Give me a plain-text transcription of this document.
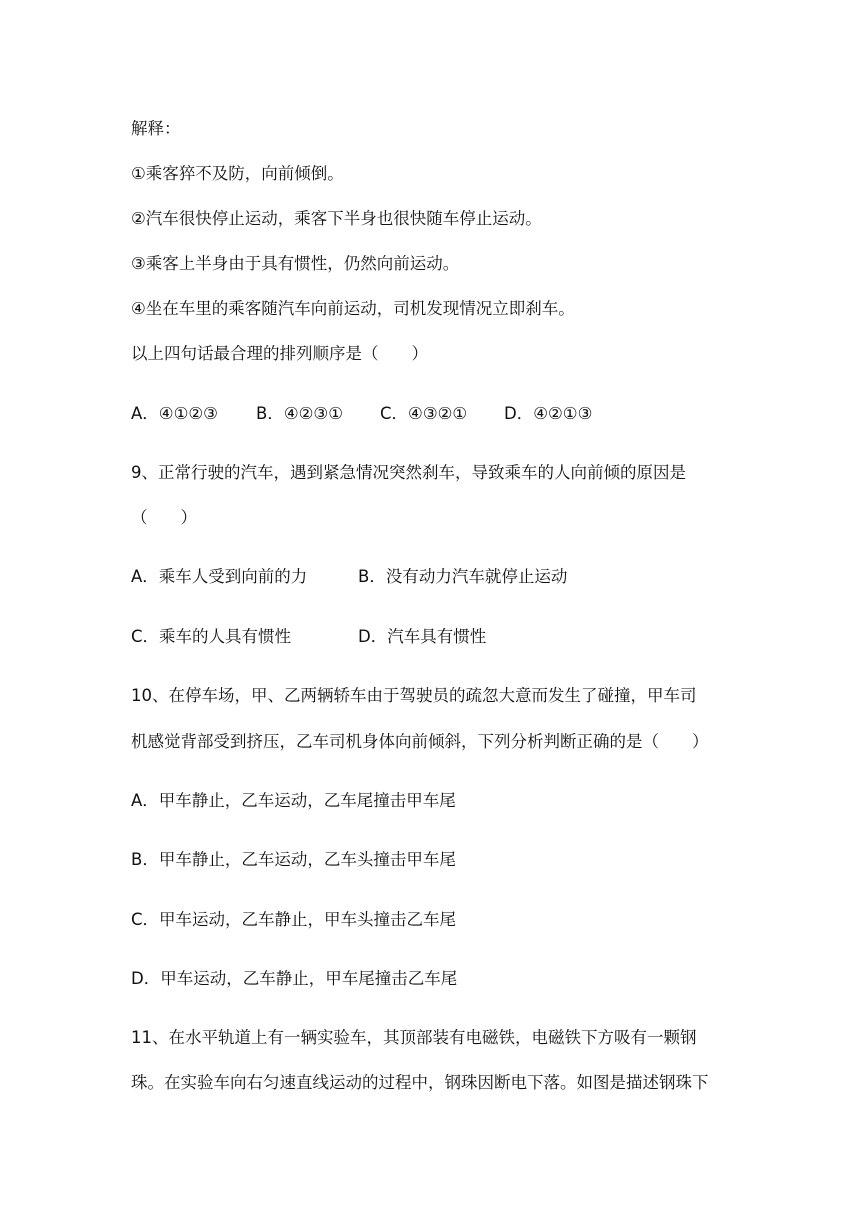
解释：
①乘客猝不及防，向前倾倒。
②汽车很快停止运动，乘客下半身也很快随车停止运动。
③乘客上半身由于具有惯性，仍然向前运动。
④坐在车里的乘客随汽车向前运动，司机发现情况立即刹车。
以上四句话最合理的排列顺序是（　　）
A．④①②③ B．④②③① C．④③②① D．④②①③
9、正常行驶的汽车，遇到紧急情况突然刹车，导致乘车的人向前倾的原因是
（　　）
A．乘车人受到向前的力	B．没有动力汽车就停止运动
C．乘车的人具有惯性	D．汽车具有惯性
10、在停车场，甲、乙两辆轿车由于驾驶员的疏忽大意而发生了碰撞，甲车司
机感觉背部受到挤压，乙车司机身体向前倾斜，下列分析判断正确的是（　　）
A．甲车静止，乙车运动，乙车尾撞击甲车尾
B．甲车静止，乙车运动，乙车头撞击甲车尾
C．甲车运动，乙车静止，甲车头撞击乙车尾
D．甲车运动，乙车静止，甲车尾撞击乙车尾
11、在水平轨道上有一辆实验车，其顶部装有电磁铁，电磁铁下方吸有一颗钢
珠。在实验车向右匀速直线运动的过程中，钢珠因断电下落。如图是描述钢珠下
